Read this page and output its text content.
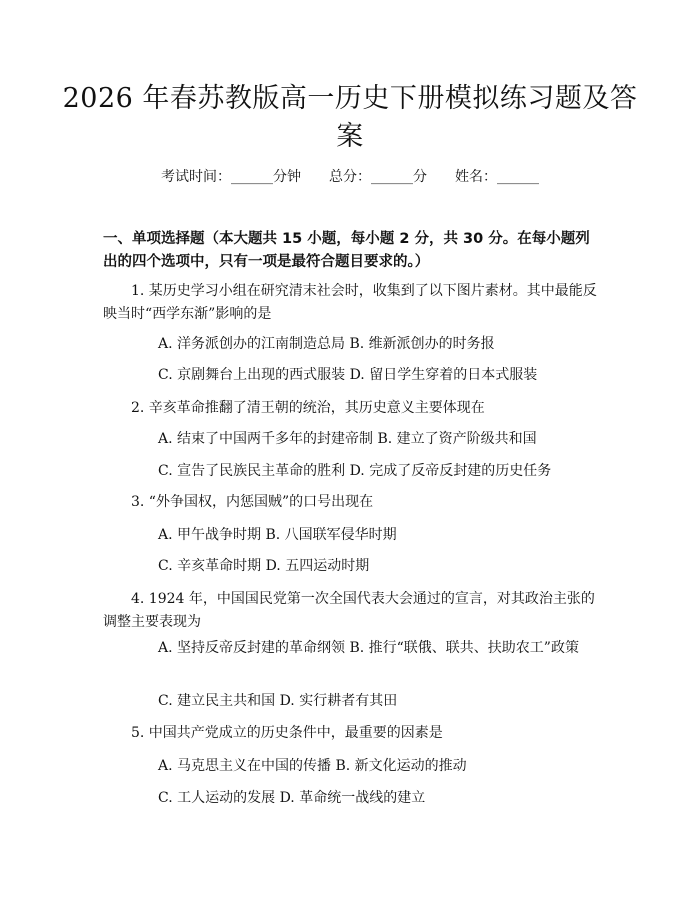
2026 年春苏教版高一历史下册模拟练习题及答案
考试时间：______分钟 总分：______分 姓名：______
一、单项选择题（本大题共 15 小题，每小题 2 分，共 30 分。在每小题列出的四个选项中，只有一项是最符合题目要求的。）
1. 某历史学习小组在研究清末社会时，收集到了以下图片素材。其中最能反映当时“西学东渐”影响的是
A. 洋务派创办的江南制造总局 B. 维新派创办的时务报
C. 京剧舞台上出现的西式服装 D. 留日学生穿着的日本式服装
2. 辛亥革命推翻了清王朝的统治，其历史意义主要体现在
A. 结束了中国两千多年的封建帝制 B. 建立了资产阶级共和国
C. 宣告了民族民主革命的胜利 D. 完成了反帝反封建的历史任务
3. “外争国权，内惩国贼”的口号出现在
A. 甲午战争时期 B. 八国联军侵华时期
C. 辛亥革命时期 D. 五四运动时期
4. 1924 年，中国国民党第一次全国代表大会通过的宣言，对其政治主张的调整主要表现为
A. 坚持反帝反封建的革命纲领 B. 推行“联俄、联共、扶助农工”政策
C. 建立民主共和国 D. 实行耕者有其田
5. 中国共产党成立的历史条件中，最重要的因素是
A. 马克思主义在中国的传播 B. 新文化运动的推动
C. 工人运动的发展 D. 革命统一战线的建立
